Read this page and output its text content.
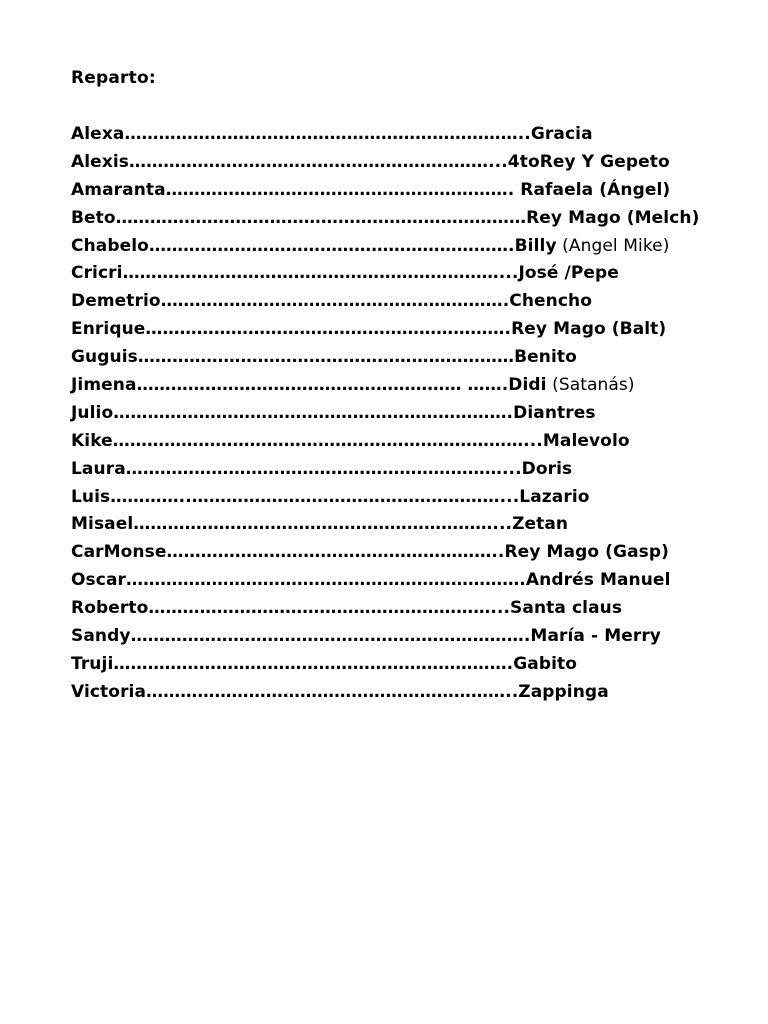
Reparto:
Alexa……………………………………………………………..Gracia
Alexis………………………………………………………...4toRey Y Gepeto
Amaranta……………………………………………………. Rafaela (Ángel)
Beto………………………………………………………………Rey Mago (Melch)
Chabelo……………………………………………………….Billy (Angel Mike)
Cricri…………………………………………………………...José /Pepe
Demetrio…………………………………………………….Chencho
Enrique……………………………………………………….Rey Mago (Balt)
Guguis…………………………………………………………Benito
Jimena………………………………………………… …….Didi (Satanás)
Julio…………………………………………………………….Diantres
Kike………………………………………………………………...Malevolo
Laura…………………………………………………………...Doris
Luis…………..………………………………………………...Lazario
Misael………………………………………………………...Zetan
CarMonse…………………………………………………..Rey Mago (Gasp)
Oscar…………………………………………………………….Andrés Manuel
Roberto……………………………………………………...Santa claus
Sandy…………………………………………………………….María - Merry
Truji…………………………………………………………….Gabito
Victoria………………………………………………………..Zappinga
